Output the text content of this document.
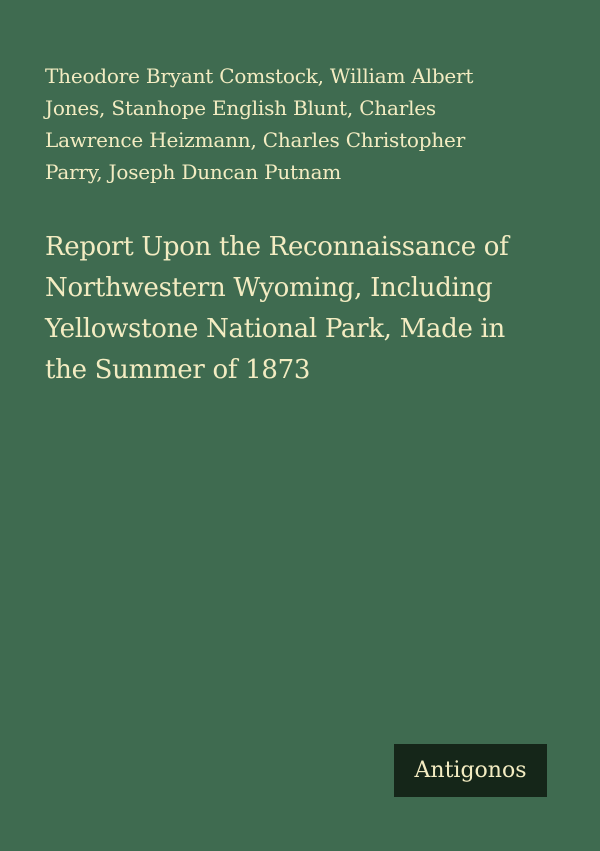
Theodore Bryant Comstock, William Albert
Jones, Stanhope English Blunt, Charles
Lawrence Heizmann, Charles Christopher
Parry, Joseph Duncan Putnam
Report Upon the Reconnaissance of
Northwestern Wyoming, Including
Yellowstone National Park, Made in
the Summer of 1873
Antigonos
